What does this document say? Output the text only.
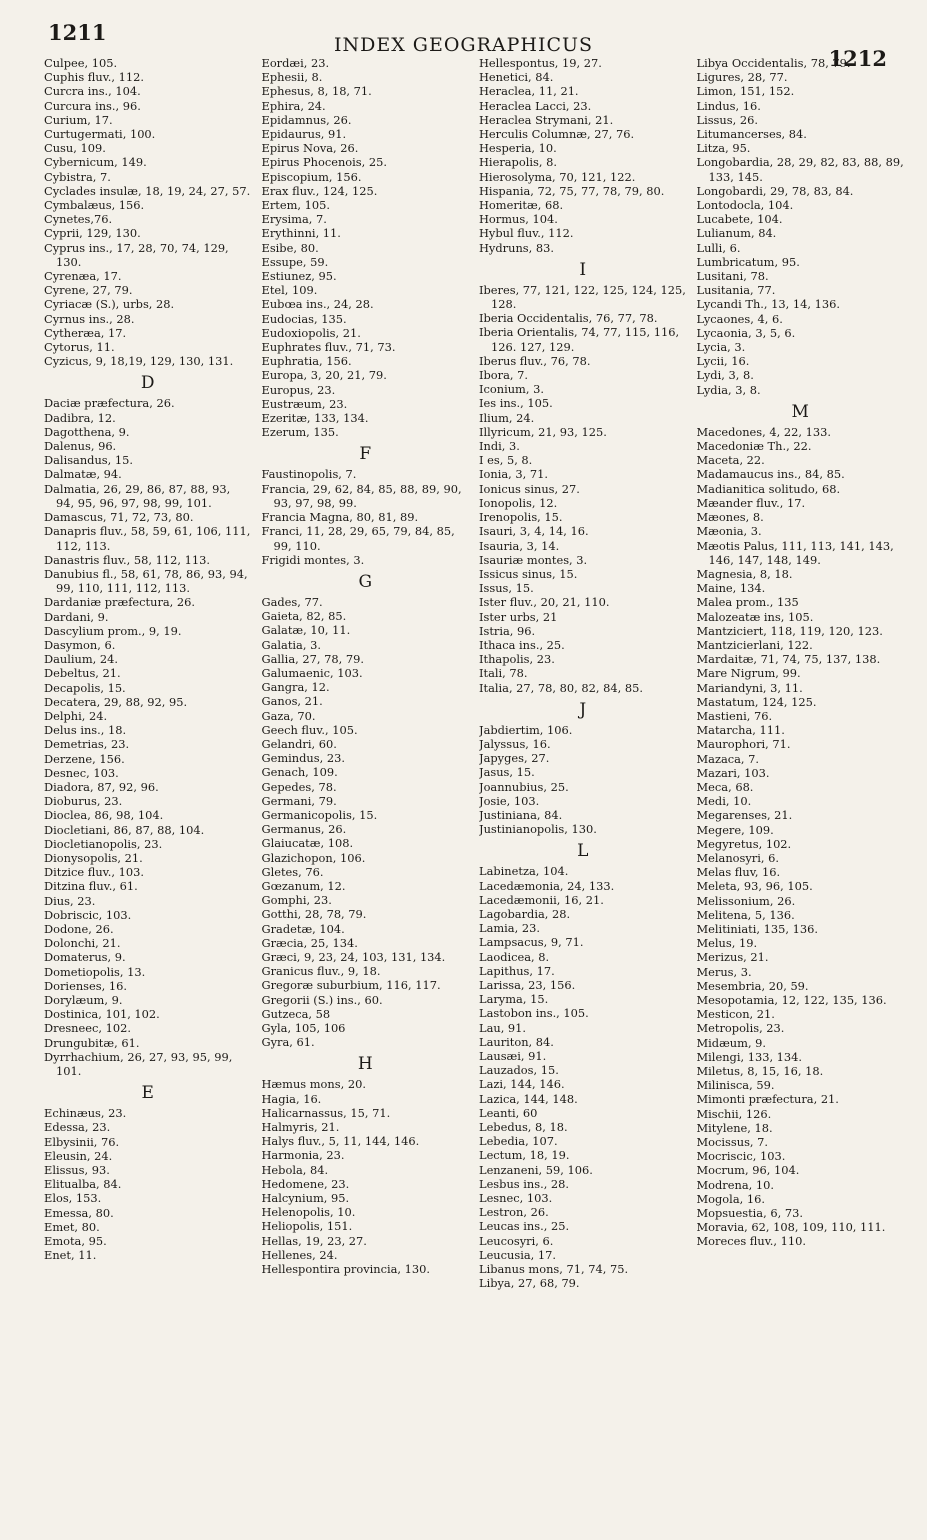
1211	INDEX GEOGRAPHICUS
1212
Culpee, 105.
Cuphis fluv., 112.
Curcra ins., 104.
Curcura ins., 96.
Curium, 17.
Curtugermati, 100.
Cusu, 109.
Cybernicum, 149.
Cybistra, 7.
Cyclades insulæ, 18, 19, 24, 27, 57.
Cymbalæus, 156.
Cynetes,76.
Cyprii, 129, 130.
Cyprus ins., 17, 28, 70, 74, 129, 130.
Cyrenæa, 17.
Cyrene, 27, 79.
Cyriacæ (S.), urbs, 28.
Cyrnus ins., 28.
Cytheræa, 17.
Cytorus, 11.
Cyzicus, 9, 18,19, 129, 130, 131.
D
Daciæ præfectura, 26.
Dadibra, 12.
Dagotthena, 9.
Dalenus, 96.
Dalisandus, 15.
Dalmatæ, 94.
Dalmatia, 26, 29, 86, 87, 88, 93, 94, 95, 96, 97, 98, 99, 101.
Damascus, 71, 72, 73, 80.
Danapris fluv., 58, 59, 61, 106, 111, 112, 113.
Danastris fluv., 58, 112, 113.
Danubius fl., 58, 61, 78, 86, 93, 94, 99, 110, 111, 112, 113.
Dardaniæ præfectura, 26.
Dardani, 9.
Dascylium prom., 9, 19.
Dasymon, 6.
Daulium, 24.
Debeltus, 21.
Decapolis, 15.
Decatera, 29, 88, 92, 95.
Delphi, 24.
Delus ins., 18.
Demetrias, 23.
Derzene, 156.
Desnec, 103.
Diadora, 87, 92, 96.
Dioburus, 23.
Dioclea, 86, 98, 104.
Diocletiani, 86, 87, 88, 104.
Diocletianopolis, 23.
Dionysopolis, 21.
Ditzice fluv., 103.
Ditzina fluv., 61.
Dius, 23.
Dobriscic, 103.
Dodone, 26.
Dolonchi, 21.
Domaterus, 9.
Dometiopolis, 13.
Dorienses, 16.
Dorylæum, 9.
Dostinica, 101, 102.
Dresneec, 102.
Drungubitæ, 61.
Dyrrhachium, 26, 27, 93, 95, 99, 101.
E
Echinæus, 23.
Edessa, 23.
Elbysinii, 76.
Eleusin, 24.
Elissus, 93.
Elitualba, 84.
Elos, 153.
Emessa, 80.
Emet, 80.
Emota, 95.
Enet, 11.
Eordæi, 23.
Ephesii, 8.
Ephesus, 8, 18, 71.
Ephira, 24.
Epidamnus, 26.
Epidaurus, 91.
Epirus Nova, 26.
Epirus Phocenois, 25.
Episcopium, 156.
Erax fluv., 124, 125.
Ertem, 105.
Erysima, 7.
Erythinni, 11.
Esibe, 80.
Essupe, 59.
Estiunez, 95.
Etel, 109.
Eubœa ins., 24, 28.
Eudocias, 135.
Eudoxiopolis, 21.
Euphrates fluv., 71, 73.
Euphratia, 156.
Europa, 3, 20, 21, 79.
Europus, 23.
Eustræum, 23.
Ezeritæ, 133, 134.
Ezerum, 135.
F
Faustinopolis, 7.
Francia, 29, 62, 84, 85, 88, 89, 90, 93, 97, 98, 99.
Francia Magna, 80, 81, 89.
Franci, 11, 28, 29, 65, 79, 84, 85, 99, 110.
Frigidi montes, 3.
G
Gades, 77.
Gaieta, 82, 85.
Galatæ, 10, 11.
Galatia, 3.
Gallia, 27, 78, 79.
Galumaenic, 103.
Gangra, 12.
Ganos, 21.
Gaza, 70.
Geech fluv., 105.
Gelandri, 60.
Gemindus, 23.
Genach, 109.
Gepedes, 78.
Germani, 79.
Germanicopolis, 15.
Germanus, 26.
Glaiucatæ, 108.
Glazichopon, 106.
Gletes, 76.
Gœzanum, 12.
Gomphi, 23.
Gotthi, 28, 78, 79.
Gradetæ, 104.
Græcia, 25, 134.
Græci, 9, 23, 24, 103, 131, 134.
Granicus fluv., 9, 18.
Gregoræ suburbium, 116, 117.
Gregorii (S.) ins., 60.
Gutzeca, 58
Gyla, 105, 106
Gyra, 61.
H
Hæmus mons, 20.
Hagia, 16.
Halicarnassus, 15, 71.
Halmyris, 21.
Halys fluv., 5, 11, 144, 146.
Harmonia, 23.
Hebola, 84.
Hedomene, 23.
Halcynium, 95.
Helenopolis, 10.
Heliopolis, 151.
Hellas, 19, 23, 27.
Hellenes, 24.
Hellespontira provincia, 130.
Hellespontus, 19, 27.
Henetici, 84.
Heraclea, 11, 21.
Heraclea Lacci, 23.
Heraclea Strymani, 21.
Herculis Columnæ, 27, 76.
Hesperia, 10.
Hierapolis, 8.
Hierosolyma, 70, 121, 122.
Hispania, 72, 75, 77, 78, 79, 80.
Homeritæ, 68.
Hormus, 104.
Hybul fluv., 112.
Hydruns, 83.
I
Iberes, 77, 121, 122, 125, 124, 125, 128.
Iberia Occidentalis, 76, 77, 78.
Iberia Orientalis, 74, 77, 115, 116, 126. 127, 129.
Iberus fluv., 76, 78.
Ibora, 7.
Iconium, 3.
Ies ins., 105.
Ilium, 24.
Illyricum, 21, 93, 125.
Indi, 3.
I es, 5, 8.
Ionia, 3, 71.
Ionicus sinus, 27.
Ionopolis, 12.
Irenopolis, 15.
Isauri, 3, 4, 14, 16.
Isauria, 3, 14.
Isauriæ montes, 3.
Issicus sinus, 15.
Issus, 15.
Ister fluv., 20, 21, 110.
Ister urbs, 21
Istria, 96.
Ithaca ins., 25.
Ithapolis, 23.
Itali, 78.
Italia, 27, 78, 80, 82, 84, 85.
J
Jabdiertim, 106.
Jalyssus, 16.
Japyges, 27.
Jasus, 15.
Joannubius, 25.
Josie, 103.
Justiniana, 84.
Justinianopolis, 130.
L
Labinetza, 104.
Lacedæmonia, 24, 133.
Lacedæmonii, 16, 21.
Lagobardia, 28.
Lamia, 23.
Lampsacus, 9, 71.
Laodicea, 8.
Lapithus, 17.
Larissa, 23, 156.
Laryma, 15.
Lastobon ins., 105.
Lau, 91.
Lauriton, 84.
Lausæi, 91.
Lauzados, 15.
Lazi, 144, 146.
Lazica, 144, 148.
Leanti, 60
Lebedus, 8, 18.
Lebedia, 107.
Lectum, 18, 19.
Lenzaneni, 59, 106.
Lesbus ins., 28.
Lesnec, 103.
Lestron, 26.
Leucas ins., 25.
Leucosyri, 6.
Leucusia, 17.
Libanus mons, 71, 74, 75.
Libya, 27, 68, 79.
Libya Occidentalis, 78, 79.
Ligures, 28, 77.
Limon, 151, 152.
Lindus, 16.
Lissus, 26.
Litumancerses, 84.
Litza, 95.
Longobardia, 28, 29, 82, 83, 88, 89, 133, 145.
Longobardi, 29, 78, 83, 84.
Lontodocla, 104.
Lucabete, 104.
Lulianum, 84.
Lulli, 6.
Lumbricatum, 95.
Lusitani, 78.
Lusitania, 77.
Lycandi Th., 13, 14, 136.
Lycaones, 4, 6.
Lycaonia, 3, 5, 6.
Lycia, 3.
Lycii, 16.
Lydi, 3, 8.
Lydia, 3, 8.
M
Macedones, 4, 22, 133.
Macedoniæ Th., 22.
Maceta, 22.
Madamaucus ins., 84, 85.
Madianitica solitudo, 68.
Mæander fluv., 17.
Mæones, 8.
Mæonia, 3.
Mæotis Palus, 111, 113, 141, 143, 146, 147, 148, 149.
Magnesia, 8, 18.
Maine, 134.
Malea prom., 135
Malozeatæ ins, 105.
Mantziciert, 118, 119, 120, 123.
Mantzicierlani, 122.
Mardaitæ, 71, 74, 75, 137, 138.
Mare Nigrum, 99.
Mariandyni, 3, 11.
Mastatum, 124, 125.
Mastieni, 76.
Matarcha, 111.
Maurophori, 71.
Mazaca, 7.
Mazari, 103.
Meca, 68.
Medi, 10.
Megarenses, 21.
Megere, 109.
Megyretus, 102.
Melanosyri, 6.
Melas fluv, 16.
Meleta, 93, 96, 105.
Melissonium, 26.
Melitena, 5, 136.
Melitiniati, 135, 136.
Melus, 19.
Merizus, 21.
Merus, 3.
Mesembria, 20, 59.
Mesopotamia, 12, 122, 135, 136.
Mesticon, 21.
Metropolis, 23.
Midæum, 9.
Milengi, 133, 134.
Miletus, 8, 15, 16, 18.
Milinisca, 59.
Mimonti præfectura, 21.
Mischii, 126.
Mitylene, 18.
Mocissus, 7.
Mocriscic, 103.
Mocrum, 96, 104.
Modrena, 10.
Mogola, 16.
Mopsuestia, 6, 73.
Moravia, 62, 108, 109, 110, 111.
Moreces fluv., 110.
